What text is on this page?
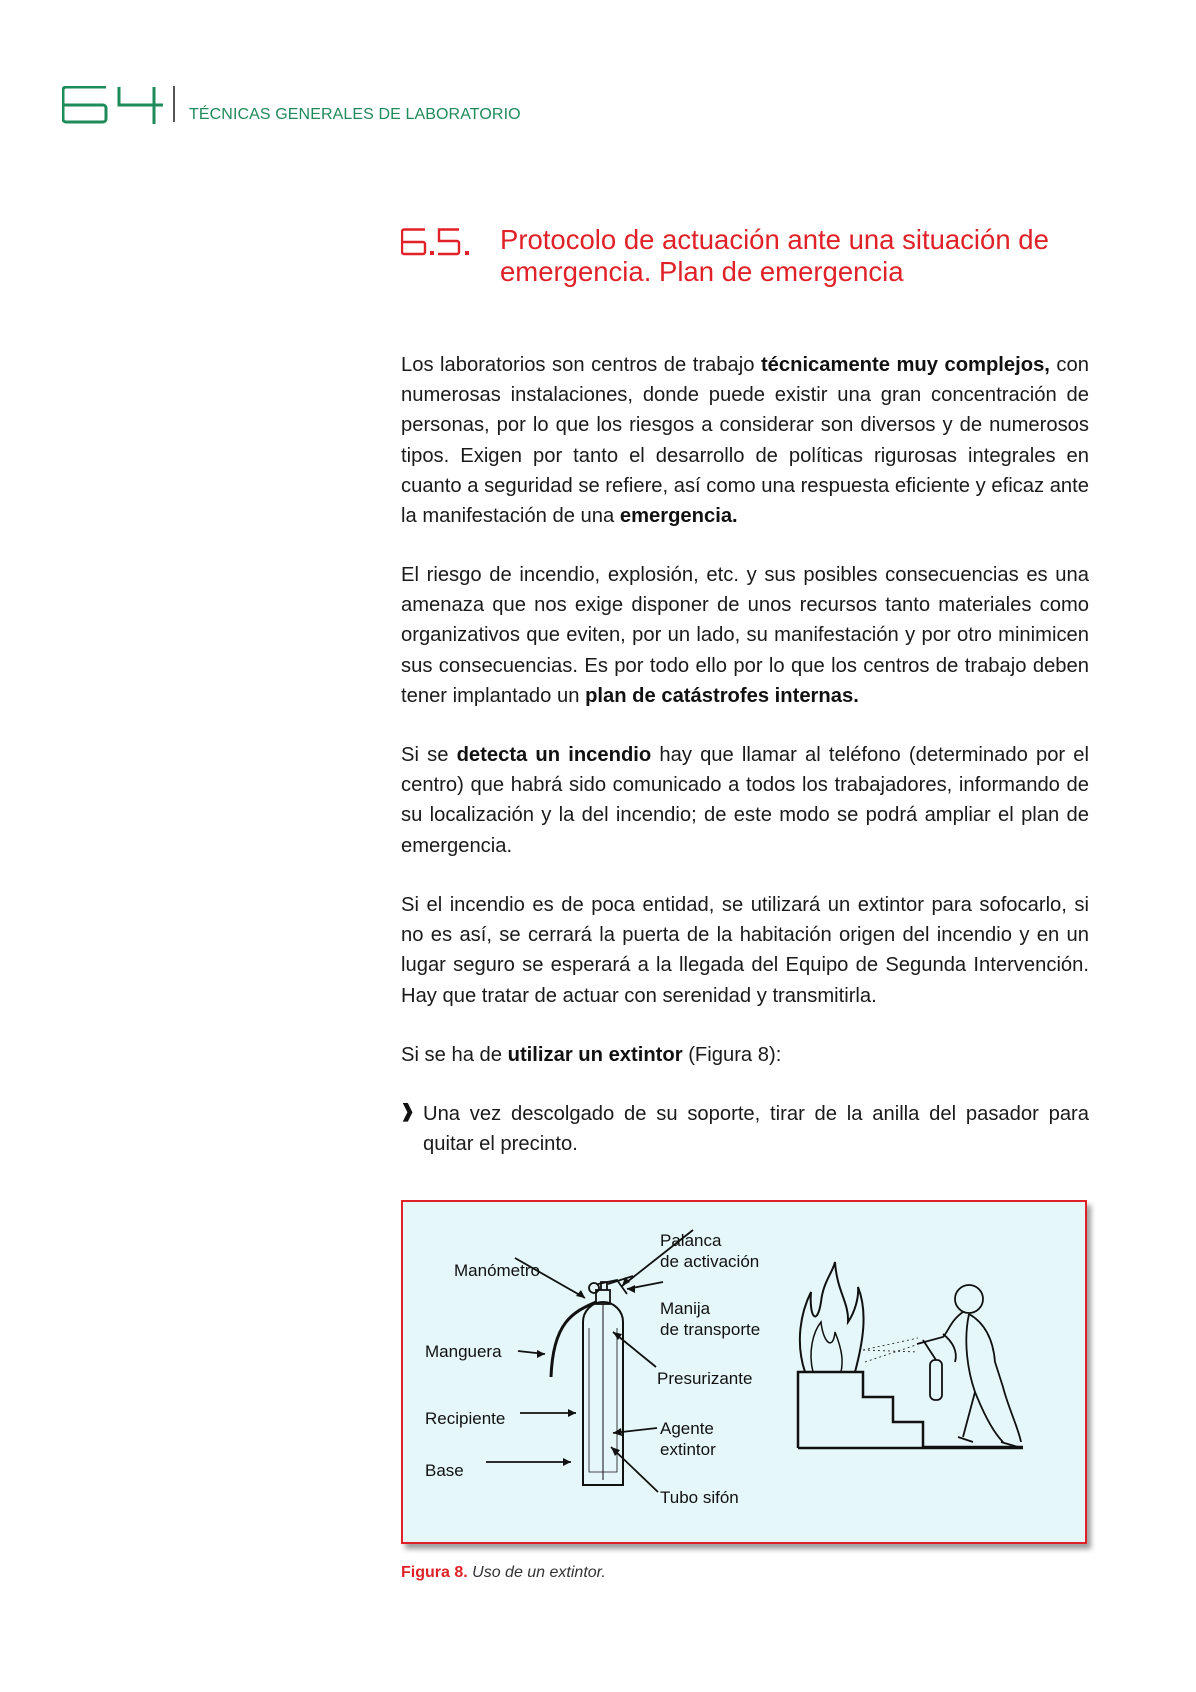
TÉCNICAS GENERALES DE LABORATORIO
Protocolo de actuación ante una situación de emergencia. Plan de emergencia

Los laboratorios son centros de trabajo técnicamente muy complejos, con numerosas instalaciones, donde puede existir una gran concentración de personas, por lo que los riesgos a considerar son diversos y de numerosos tipos. Exigen por tanto el desarrollo de políticas rigurosas integrales en cuanto a seguridad se refiere, así como una respuesta eficiente y eficaz ante la manifestación de una emergencia.

El riesgo de incendio, explosión, etc. y sus posibles consecuencias es una amenaza que nos exige disponer de unos recursos tanto materiales como organizativos que eviten, por un lado, su manifestación y por otro minimicen sus consecuencias. Es por todo ello por lo que los centros de trabajo deben tener implantado un plan de catástrofes internas.

Si se detecta un incendio hay que llamar al teléfono (determinado por el centro) que habrá sido comunicado a todos los trabajadores, informando de su localización y la del incendio; de este modo se podrá ampliar el plan de emergencia.

Si el incendio es de poca entidad, se utilizará un extintor para sofocarlo, si no es así, se cerrará la puerta de la habitación origen del incendio y en un lugar seguro se esperará a la llegada del Equipo de Segunda Intervención. Hay que tratar de actuar con serenidad y transmitirla.

Si se ha de utilizar un extintor (Figura 8):

❱ Una vez descolgado de su soporte, tirar de la anilla del pasador para quitar el precinto.

Manómetro
Palanca
de activación
Manija
de transporte
Manguera
Presurizante
Recipiente
Agente
extintor
Base
Tubo sifón
Figura 8. Uso de un extintor.
